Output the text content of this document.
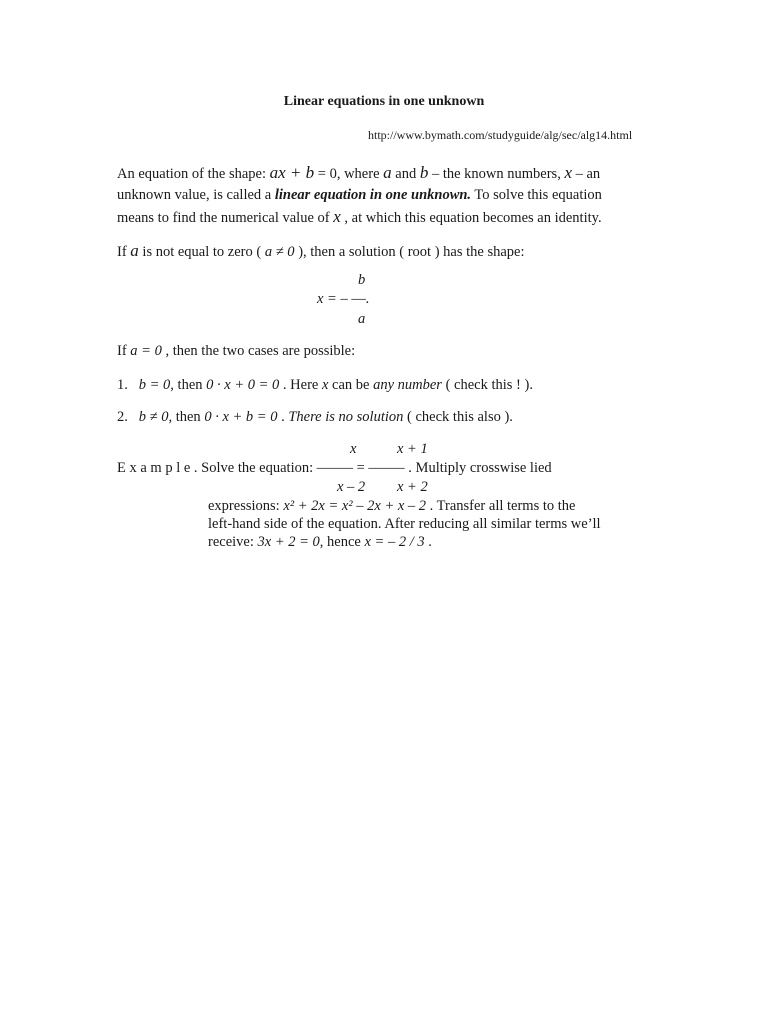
Linear equations in one unknown
http://www.bymath.com/studyguide/alg/sec/alg14.html

An equation of the shape: ax + b = 0, where a and b – the known numbers, x – an

unknown value, is called a linear equation in one unknown. To solve this equation

means to find the numerical value of x , at which this equation becomes an identity.

If a is not equal to zero ( a ≠ 0 ), then a solution ( root ) has the shape:
b
x = – ––.
a
If a = 0 , then the two cases are possible:
1. b = 0, then 0 · x + 0 = 0 . Here x can be any number ( check this ! ).
2. b ≠ 0, then 0 · x + b = 0 . There is no solution ( check this also ).
x	x + 1
E x a m p l e . Solve the equation: ––––– = ––––– . Multiply crosswise lied
x – 2 x + 2

expressions: x² + 2x = x² – 2x + x – 2 . Transfer all terms to the

left-hand side of the equation. After reducing all similar terms we’ll

receive: 3x + 2 = 0, hence x = – 2 / 3 .
